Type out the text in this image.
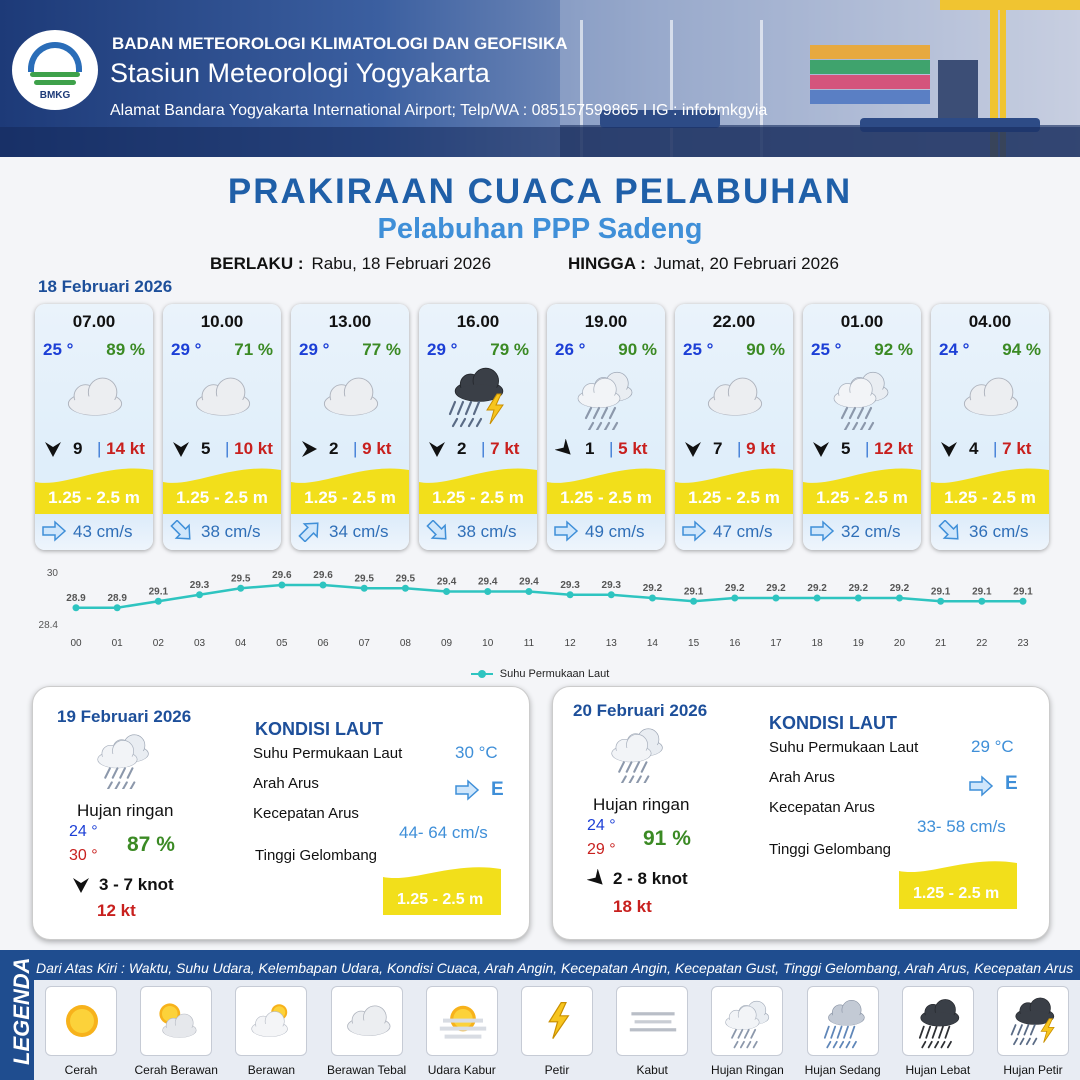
BMKG
BADAN METEOROLOGI KLIMATOLOGI DAN GEOFISIKA
Stasiun Meteorologi Yogyakarta
Alamat Bandara Yogyakarta International Airport; Telp/WA : 085157599865 I IG : infobmkgyia
PRAKIRAAN CUACA PELABUHAN
Pelabuhan PPP Sadeng
BERLAKU : Rabu, 18 Februari 2026	HINGGA : Jumat, 20 Februari 2026
18 Februari 2026
07.00
25 ° 89 %
9 | 14 kt
1.25 - 2.5 m
43 cm/s
10.00
29 ° 71 %
5 | 10 kt
1.25 - 2.5 m
38 cm/s
13.00
29 ° 77 %
2 | 9 kt
1.25 - 2.5 m
34 cm/s
16.00
29 ° 79 %
2 | 7 kt
1.25 - 2.5 m
38 cm/s
19.00
26 ° 90 %
1 | 5 kt
1.25 - 2.5 m
49 cm/s
22.00
25 ° 90 %
7 | 9 kt
1.25 - 2.5 m
47 cm/s
01.00
25 ° 92 %
5 | 12 kt
1.25 - 2.5 m
32 cm/s
04.00
24 ° 94 %
4 | 7 kt
1.25 - 2.5 m
36 cm/s
30
28.4
28.9
00
28.9
01
29.1
02
29.3
03
29.5
04
29.6
05
29.6
06
29.5
07
29.5
08
29.4
09
29.4
10
29.4
11
29.3
12
29.3
13
29.2
14
29.1
15
29.2
16
29.2
17
29.2
18
29.2
19
29.2
20
29.1
21
29.1
22
29.1
23
Suhu Permukaan Laut
19 Februari 2026
Hujan ringan
24 °
30 ° 87 %
3 - 7 knot
12 kt
KONDISI LAUT
Suhu Permukaan Laut	30 °C
Arah Arus	E
Kecepatan Arus
44- 64 cm/s
Tinggi Gelombang
1.25 - 2.5 m
20 Februari 2026
Hujan ringan
24 °
29 ° 91 %
2 - 8 knot
18 kt
KONDISI LAUT
Suhu Permukaan Laut	29 °C
Arah Arus	E
Kecepatan Arus
33- 58 cm/s
Tinggi Gelombang
1.25 - 2.5 m
LEGENDA Dari Atas Kiri : Waktu, Suhu Udara, Kelembapan Udara, Kondisi Cuaca, Arah Angin, Kecepatan Angin, Kecepatan Gust, Tinggi Gelombang, Arah Arus, Kecepatan Arus
Cerah	Cerah Berawan	Berawan	Berawan Tebal	Udara Kabur	Petir	Kabut	Hujan Ringan	Hujan Sedang	Hujan Lebat	Hujan Petir
